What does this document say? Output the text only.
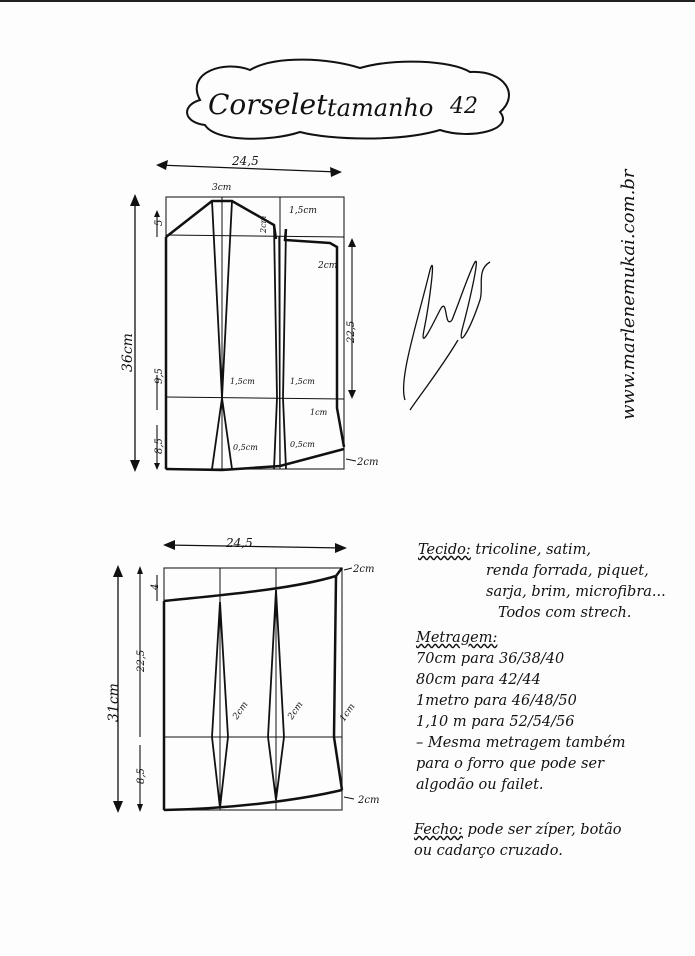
Corselet tamanho 42
24,5
3cm
1,5cm
2cm
2cm
1,5cm	1,5cm
1cm
0,5cm	0,5cm
2cm
36cm
5
9,5
8,5
22,5	www.marlenemukai.com.br
24,5
2cm
2cm	2cm	1cm
2cm
31cm
22,5
8,5
4
Tecido: tricoline, satim,
renda forrada, piquet,
sarja, brim, microfibra...
Todos com strech.
Metragem:
70cm para 36/38/40
80cm para 42/44
1metro para 46/48/50
1,10 m para 52/54/56
– Mesma metragem também
para o forro que pode ser
algodão ou failet.
Fecho: pode ser zíper, botão
ou cadarço cruzado.
